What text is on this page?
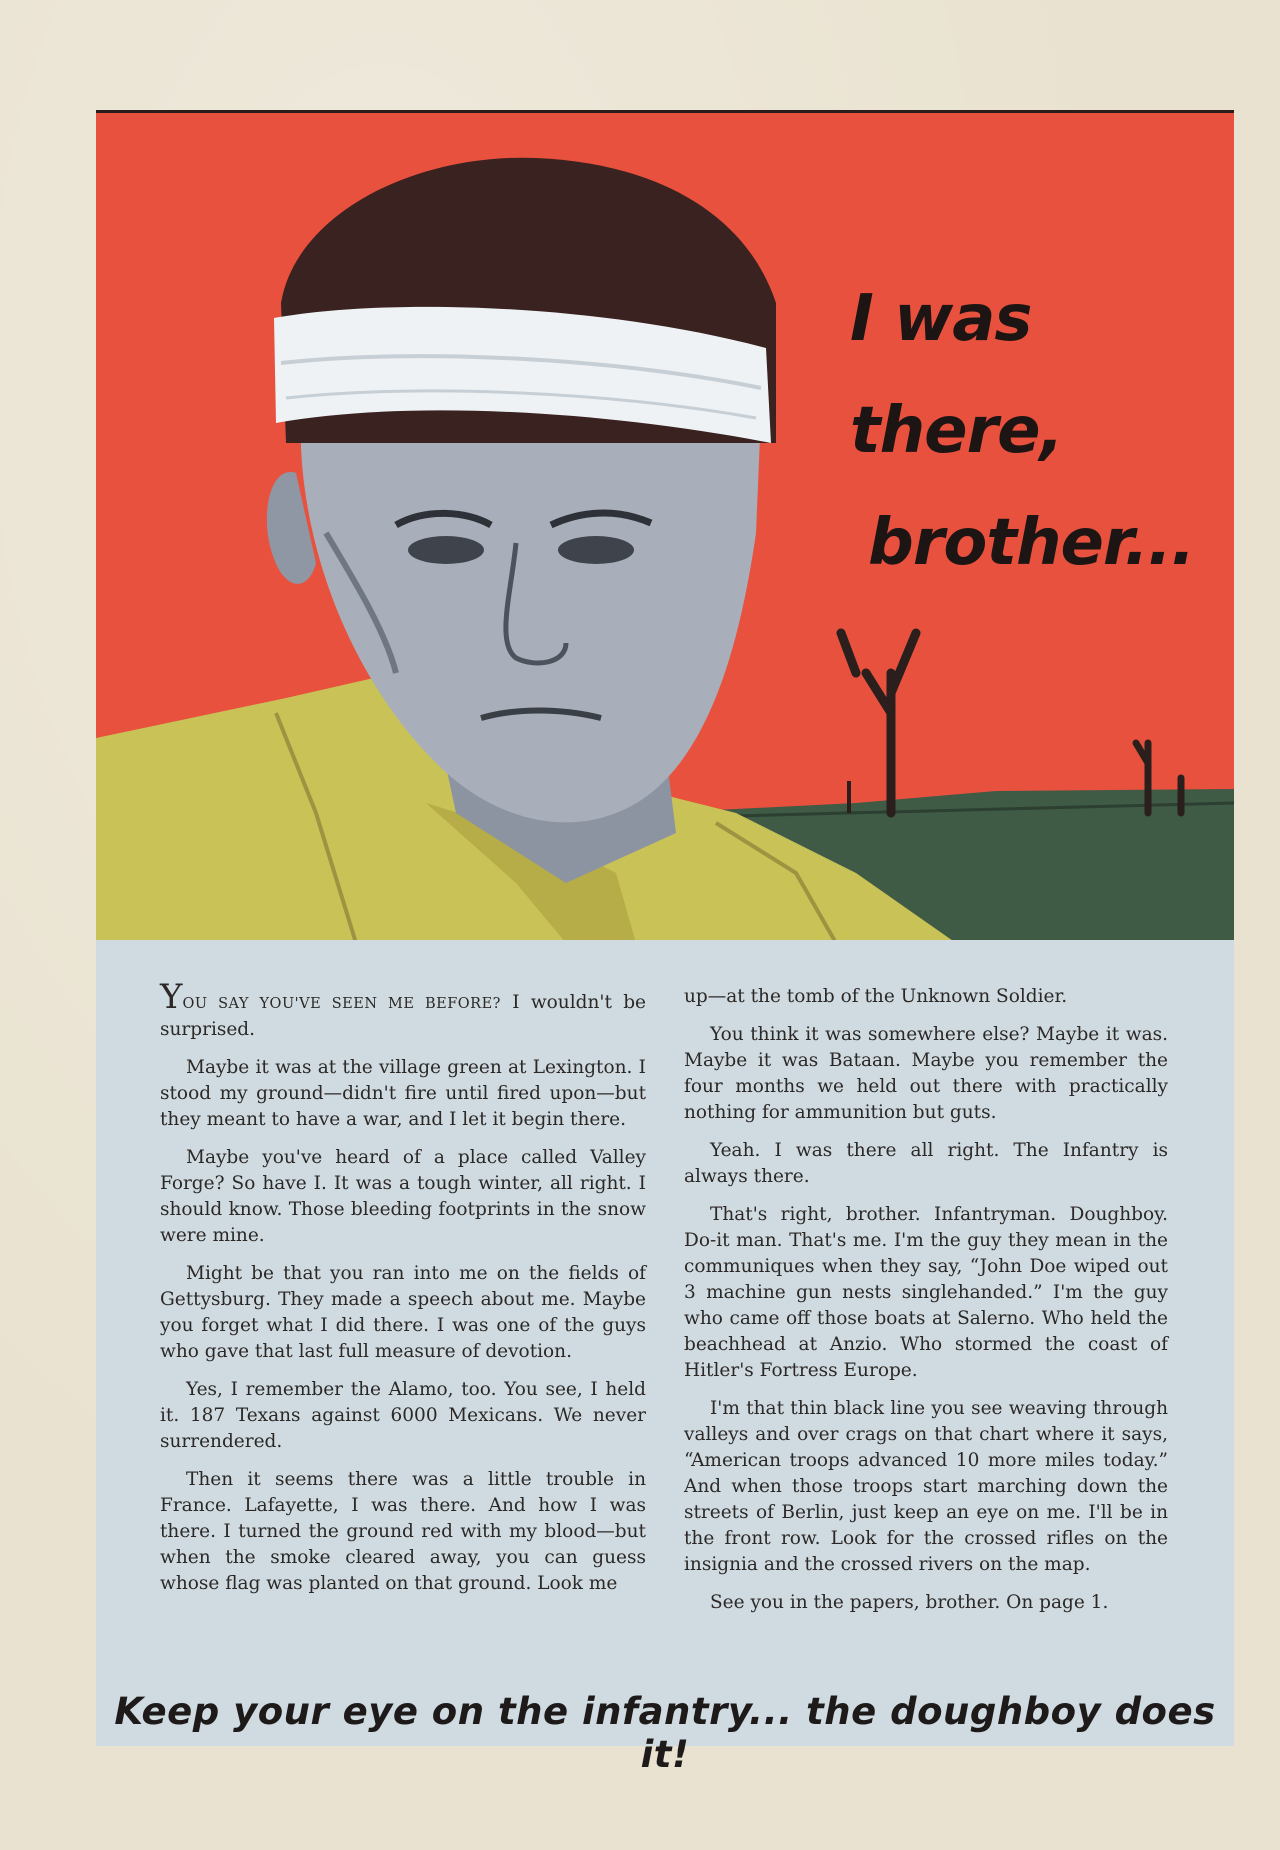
I was there,
brother...

YOU SAY YOU'VE SEEN ME BEFORE? I wouldn't be surprised.

Maybe it was at the village green at Lexington. I stood my ground—didn't fire until fired upon—but they meant to have a war, and I let it begin there.

Maybe you've heard of a place called Valley Forge? So have I. It was a tough winter, all right. I should know. Those bleeding footprints in the snow were mine.

Might be that you ran into me on the fields of Gettysburg. They made a speech about me. Maybe you forget what I did there. I was one of the guys who gave that last full measure of devotion.

Yes, I remember the Alamo, too. You see, I held it. 187 Texans against 6000 Mexicans. We never surrendered.

Then it seems there was a little trouble in France. Lafayette, I was there. And how I was there. I turned the ground red with my blood—but when the smoke cleared away, you can guess whose flag was planted on that ground. Look me

up—at the tomb of the Unknown Soldier.

You think it was somewhere else? Maybe it was. Maybe it was Bataan. Maybe you remember the four months we held out there with practically nothing for ammunition but guts.

Yeah. I was there all right. The Infantry is always there.

That's right, brother. Infantryman. Doughboy. Do-it man. That's me. I'm the guy they mean in the communiques when they say, “John Doe wiped out 3 machine gun nests singlehanded.” I'm the guy who came off those boats at Salerno. Who held the beachhead at Anzio. Who stormed the coast of Hitler's Fortress Europe.

I'm that thin black line you see weaving through valleys and over crags on that chart where it says, “American troops advanced 10 more miles today.” And when those troops start marching down the streets of Berlin, just keep an eye on me. I'll be in the front row. Look for the crossed rifles on the insignia and the crossed rivers on the map.

See you in the papers, brother. On page 1.

Keep your eye on the infantry... the doughboy does it!
